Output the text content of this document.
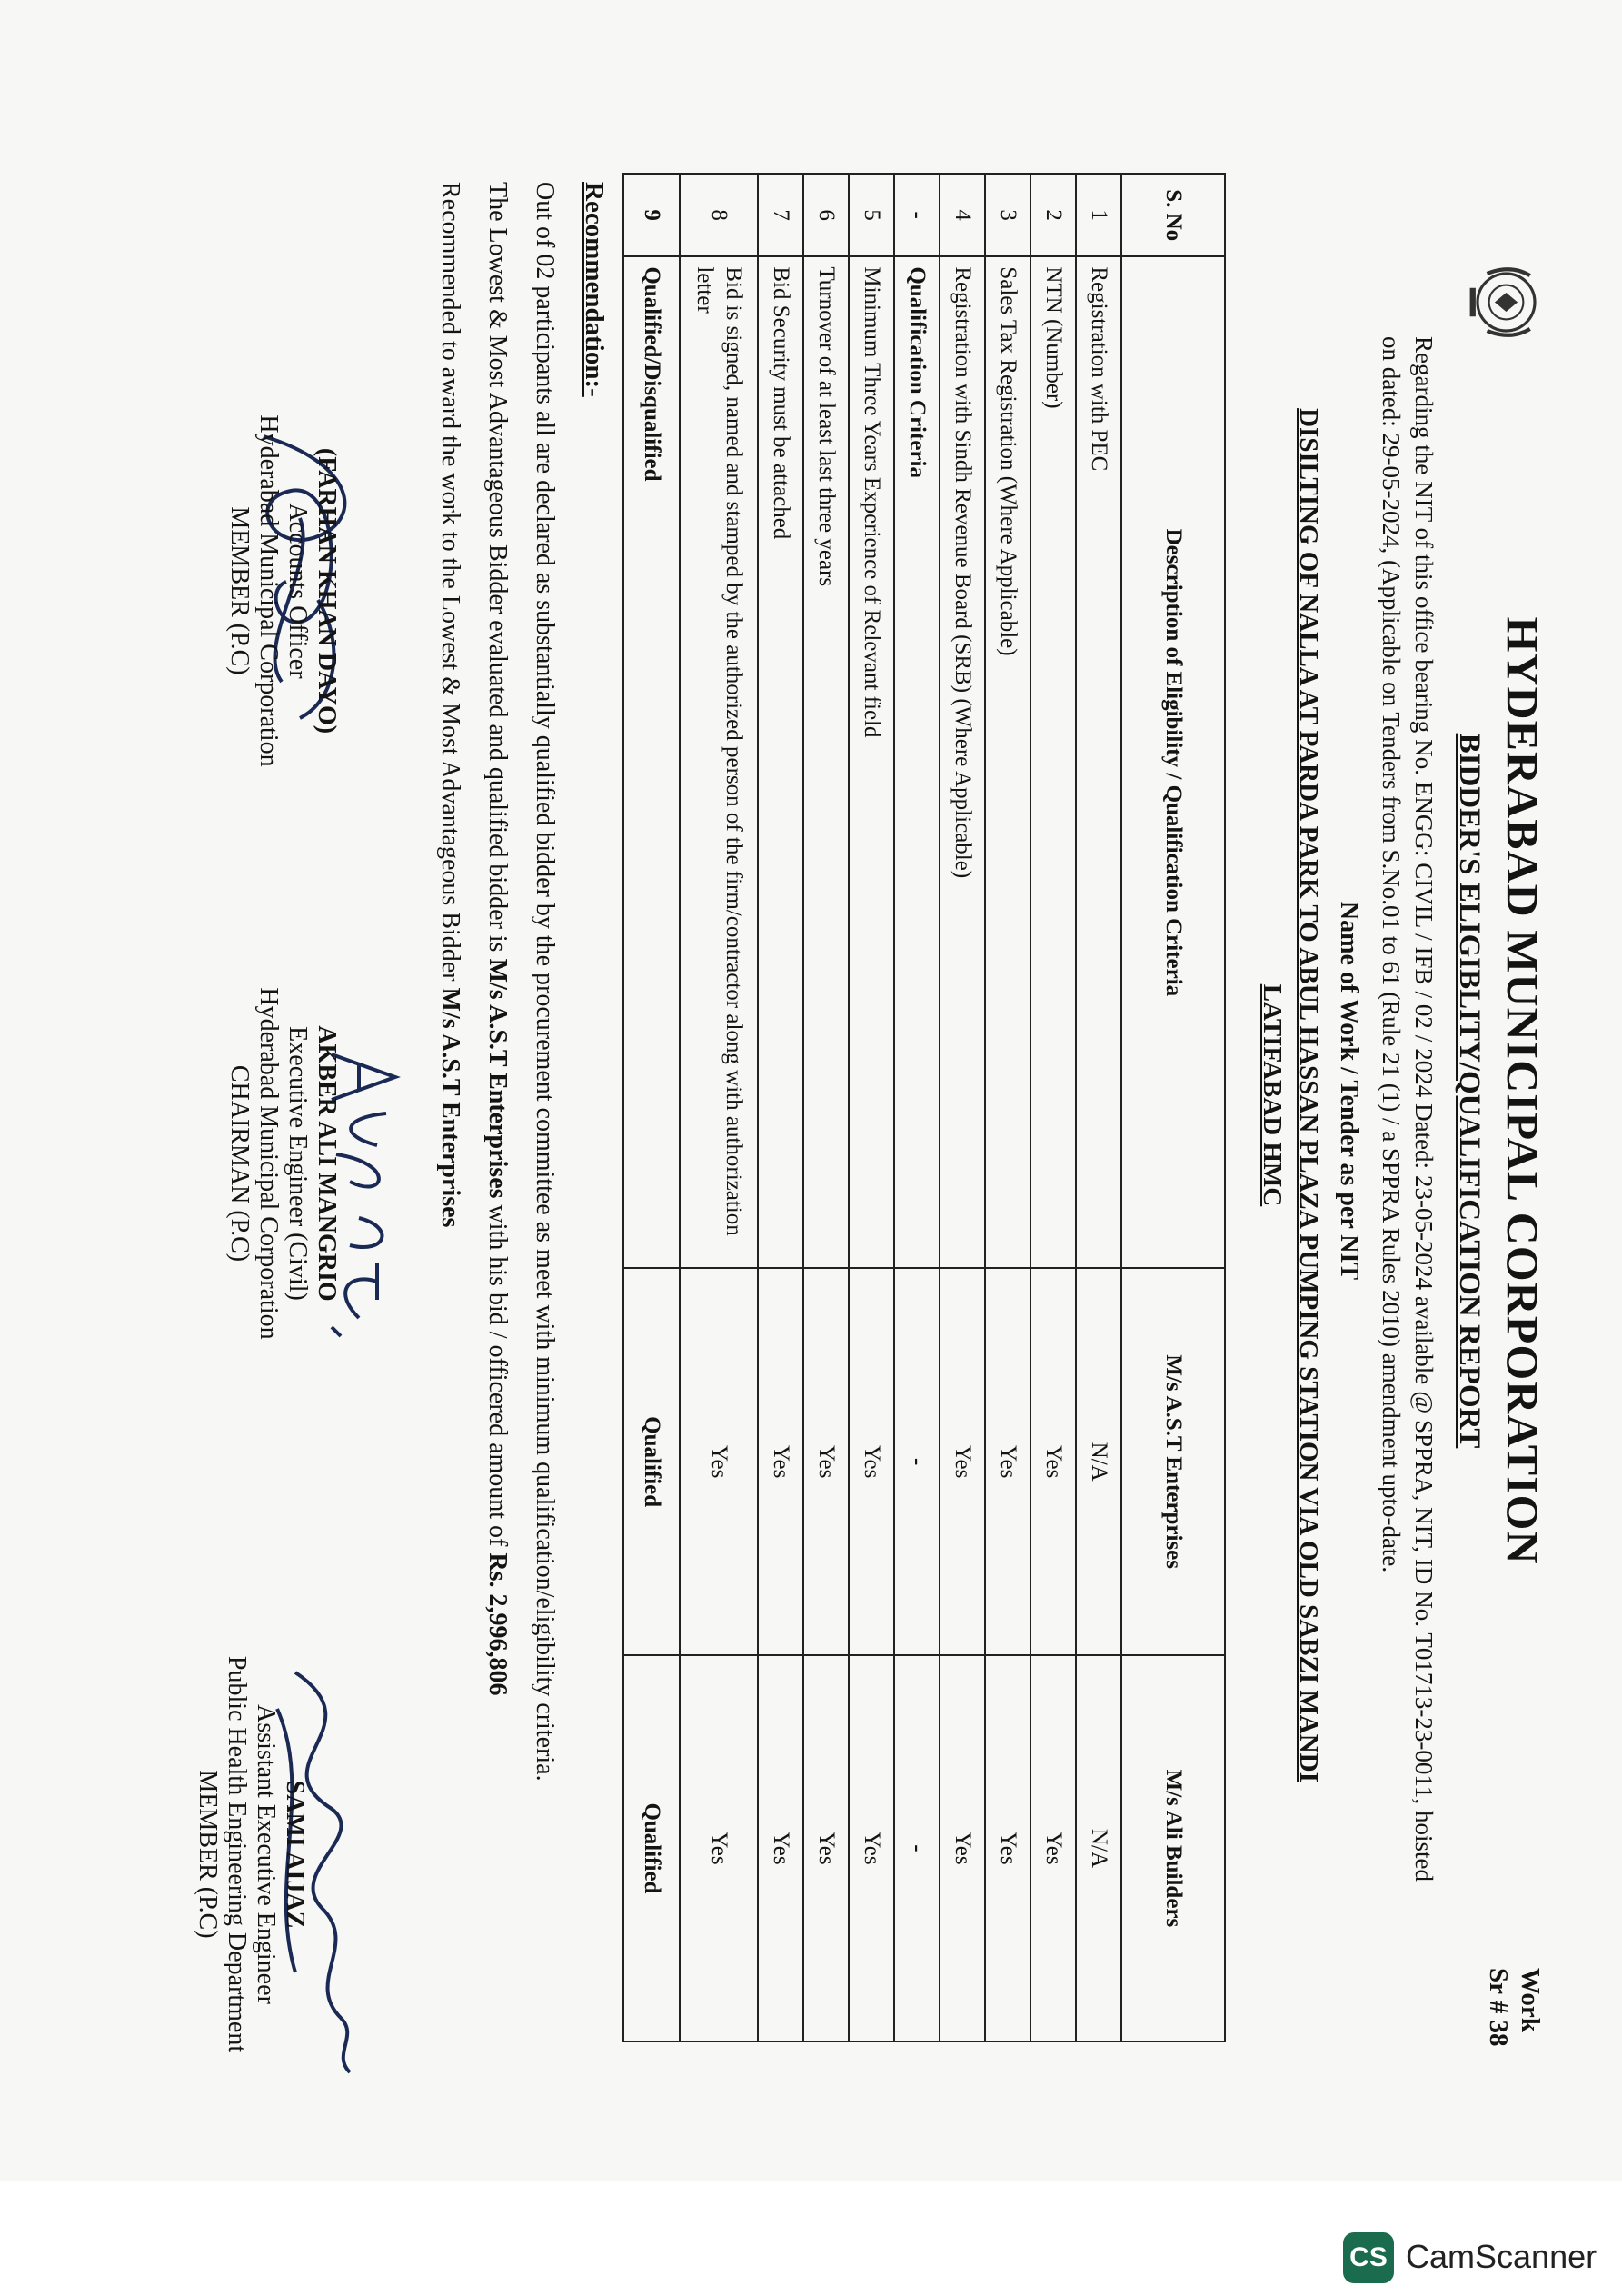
HYDERABAD MUNICIPAL CORPORATION
BIDDER'S ELIGIBLITY/QUALIFICATION REPORT
Work
Sr # 38
Regarding the NIT of this office bearing No. ENGG: CIVIL / IFB / 02 / 2024 Dated: 23-05-2024 available @ SPPRA, NIT, ID No. T01713-23-0011, hoisted on dated: 29-05-2024, (Applicable on Tenders from S.No.01 to 61 (Rule 21 (1) / a SPPRA Rules 2010) amendment upto-date.
Name of Work / Tender as per NIT
DISILTING OF NALLA AT PARDA PARK TO ABUL HASSAN PLAZA PUMPING STATION VIA OLD SABZI MANDI
LATIFABAD HMC
S. No	Description of Eligibility / Qualification Criteria	M/s A.S.T Enterprises	M/s Ali Builders
1	Registration with PEC	N/A	N/A
2	NTN (Number)	Yes	Yes
3	Sales Tax Registration (Where Applicable)	Yes	Yes
4	Registration with Sindh Revenue Board (SRB) (Where Applicable)	Yes	Yes
-	Qualification Criteria	-	-
5	Minimum Three Years Experience of Relevant field	Yes	Yes
6	Turnover of at least last three years	Yes	Yes
7	Bid Security must be attached	Yes	Yes
8	Bid is signed, named and stamped by the authorized person of the firm/contractor along with authorization letter	Yes	Yes
9	Qualified/Disqualified	Qualified	Qualified
Recommendation:-
Out of 02 participants all are declared as substantially qualified bidder by the procurement committee as meet with minimum qualification/eligibility criteria.
The Lowest & Most Advantageous Bidder evaluated and qualified bidder is M/s A.S.T Enterprises with his bid / officered amount of Rs. 2,996,806
Recommended to award the work to the Lowest & Most Advantageous Bidder M/s A.S.T Enterprises
(FARHAN KHAN DAYO)
Accounts Officer
Hyderabad Municipal Corporation
MEMBER (P.C)
AKBER ALI MANGRIO
Executive Engineer (Civil)
Hyderabad Municipal Corporation
CHAIRMAN (P.C)
SAMI AIJAZ
Assistant Executive Engineer
Public Health Engineering Department
MEMBER (P.C)
CS CamScanner
